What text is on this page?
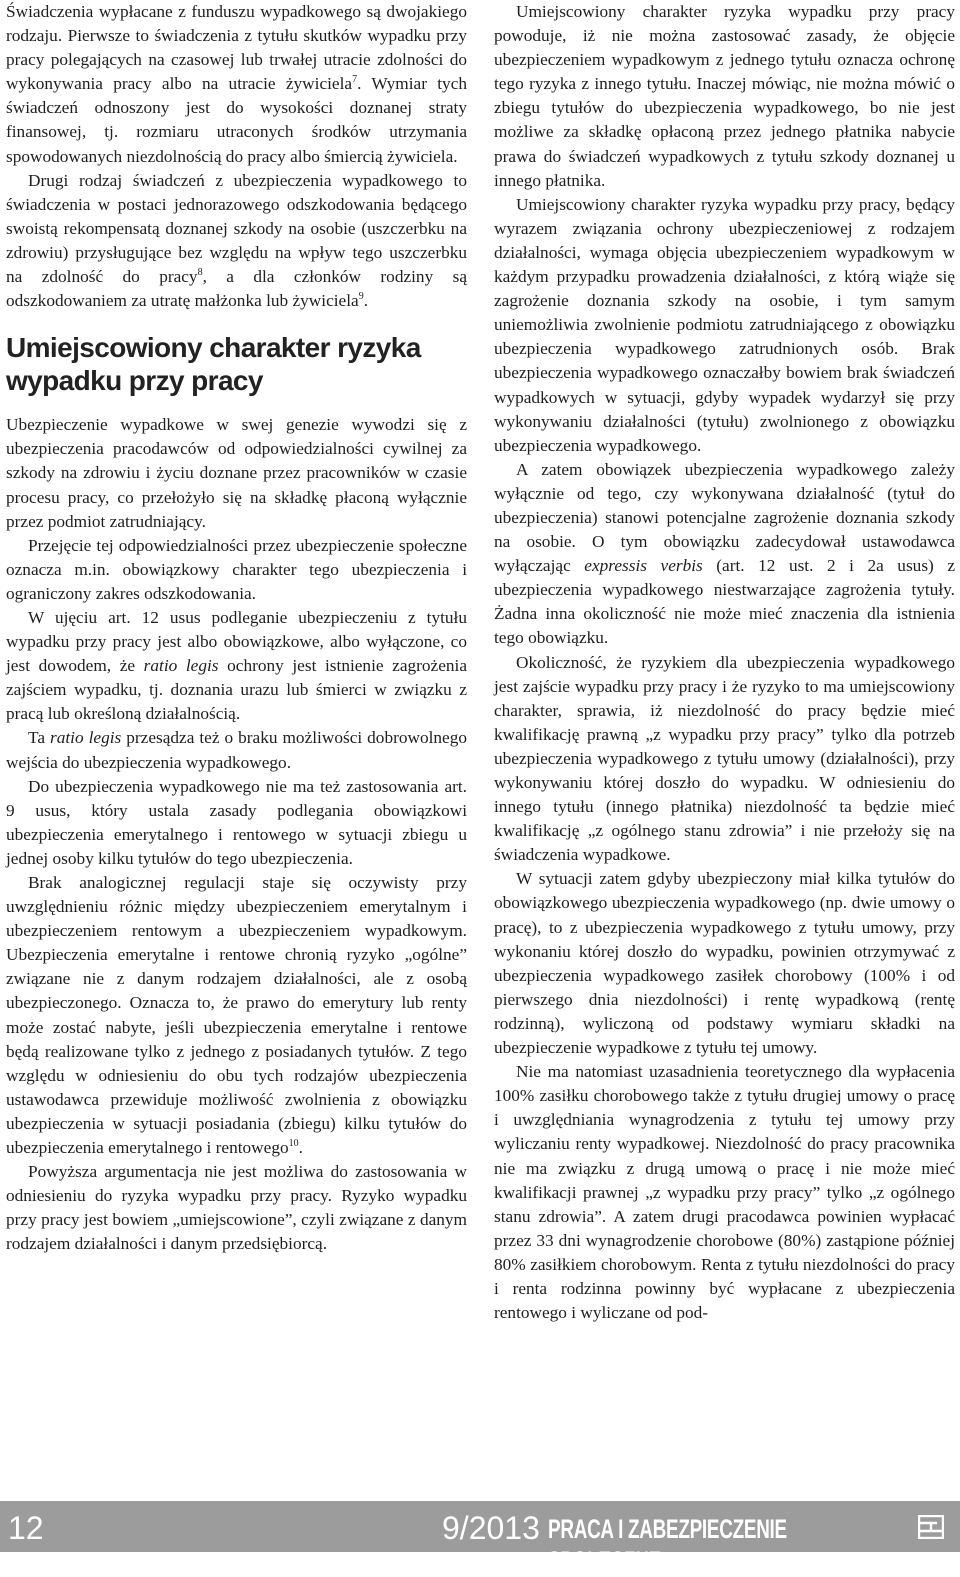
Świadczenia wypłacane z funduszu wypadkowego są dwojakiego rodzaju. Pierwsze to świadczenia z tytułu skutków wypadku przy pracy polegających na czasowej lub trwałej utracie zdolności do wykonywania pracy albo na utracie żywiciela$^7$. Wymiar tych świadczeń odnoszony jest do wysokości doznanej straty finansowej, tj. rozmiaru utraconych środków utrzymania spowodowanych niezdolnością do pracy albo śmiercią żywiciela.

Drugi rodzaj świadczeń z ubezpieczenia wypadkowego to świadczenia w postaci jednorazowego odszkodowania będącego swoistą rekompensatą doznanej szkody na osobie (uszczerbku na zdrowiu) przysługujące bez względu na wpływ tego uszczerbku na zdolność do pracy$^8$, a dla członków rodziny są odszkodowaniem za utratę małżonka lub żywiciela$^9$.

Umiejscowiony charakter ryzyka wypadku przy pracy

Ubezpieczenie wypadkowe w swej genezie wywodzi się z ubezpieczenia pracodawców od odpowiedzialności cywilnej za szkody na zdrowiu i życiu doznane przez pracowników w czasie procesu pracy, co przełożyło się na składkę płaconą wyłącznie przez podmiot zatrudniający.

Przejęcie tej odpowiedzialności przez ubezpieczenie społeczne oznacza m.in. obowiązkowy charakter tego ubezpieczenia i ograniczony zakres odszkodowania.

W ujęciu art. 12 usus podleganie ubezpieczeniu z tytułu wypadku przy pracy jest albo obowiązkowe, albo wyłączone, co jest dowodem, że ratio legis ochrony jest istnienie zagrożenia zajściem wypadku, tj. doznania urazu lub śmierci w związku z pracą lub określoną działalnością.

Ta ratio legis przesądza też o braku możliwości dobrowolnego wejścia do ubezpieczenia wypadkowego.

Do ubezpieczenia wypadkowego nie ma też zastosowania art. 9 usus, który ustala zasady podlegania obowiązkowi ubezpieczenia emerytalnego i rentowego w sytuacji zbiegu u jednej osoby kilku tytułów do tego ubezpieczenia.

Brak analogicznej regulacji staje się oczywisty przy uwzględnieniu różnic między ubezpieczeniem emerytalnym i ubezpieczeniem rentowym a ubezpieczeniem wypadkowym. Ubezpieczenia emerytalne i rentowe chronią ryzyko „ogólne” związane nie z danym rodzajem działalności, ale z osobą ubezpieczonego. Oznacza to, że prawo do emerytury lub renty może zostać nabyte, jeśli ubezpieczenia emerytalne i rentowe będą realizowane tylko z jednego z posiadanych tytułów. Z tego względu w odniesieniu do obu tych rodzajów ubezpieczenia ustawodawca przewiduje możliwość zwolnienia z obowiązku ubezpieczenia w sytuacji posiadania (zbiegu) kilku tytułów do ubezpieczenia emerytalnego i rentowego$^{10}$.

Powyższa argumentacja nie jest możliwa do zastosowania w odniesieniu do ryzyka wypadku przy pracy. Ryzyko wypadku przy pracy jest bowiem „umiejscowione”, czyli związane z danym rodzajem działalności i danym przedsiębiorcą.

Umiejscowiony charakter ryzyka wypadku przy pracy powoduje, iż nie można zastosować zasady, że objęcie ubezpieczeniem wypadkowym z jednego tytułu oznacza ochronę tego ryzyka z innego tytułu. Inaczej mówiąc, nie można mówić o zbiegu tytułów do ubezpieczenia wypadkowego, bo nie jest możliwe za składkę opłaconą przez jednego płatnika nabycie prawa do świadczeń wypadkowych z tytułu szkody doznanej u innego płatnika.

Umiejscowiony charakter ryzyka wypadku przy pracy, będący wyrazem związania ochrony ubezpieczeniowej z rodzajem działalności, wymaga objęcia ubezpieczeniem wypadkowym w każdym przypadku prowadzenia działalności, z którą wiąże się zagrożenie doznania szkody na osobie, i tym samym uniemożliwia zwolnienie podmiotu zatrudniającego z obowiązku ubezpieczenia wypadkowego zatrudnionych osób. Brak ubezpieczenia wypadkowego oznaczałby bowiem brak świadczeń wypadkowych w sytuacji, gdyby wypadek wydarzył się przy wykonywaniu działalności (tytułu) zwolnionego z obowiązku ubezpieczenia wypadkowego.

A zatem obowiązek ubezpieczenia wypadkowego zależy wyłącznie od tego, czy wykonywana działalność (tytuł do ubezpieczenia) stanowi potencjalne zagrożenie doznania szkody na osobie. O tym obowiązku zadecydował ustawodawca wyłączając expressis verbis (art. 12 ust. 2 i 2a usus) z ubezpieczenia wypadkowego niestwarzające zagrożenia tytuły. Żadna inna okoliczność nie może mieć znaczenia dla istnienia tego obowiązku.

Okoliczność, że ryzykiem dla ubezpieczenia wypadkowego jest zajście wypadku przy pracy i że ryzyko to ma umiejscowiony charakter, sprawia, iż niezdolność do pracy będzie mieć kwalifikację prawną „z wypadku przy pracy” tylko dla potrzeb ubezpieczenia wypadkowego z tytułu umowy (działalności), przy wykonywaniu której doszło do wypadku. W odniesieniu do innego tytułu (innego płatnika) niezdolność ta będzie mieć kwalifikację „z ogólnego stanu zdrowia” i nie przełoży się na świadczenia wypadkowe.

W sytuacji zatem gdyby ubezpieczony miał kilka tytułów do obowiązkowego ubezpieczenia wypadkowego (np. dwie umowy o pracę), to z ubezpieczenia wypadkowego z tytułu umowy, przy wykonaniu której doszło do wypadku, powinien otrzymywać z ubezpieczenia wypadkowego zasiłek chorobowy (100% i od pierwszego dnia niezdolności) i rentę wypadkową (rentę rodzinną), wyliczoną od podstawy wymiaru składki na ubezpieczenie wypadkowe z tytułu tej umowy.

Nie ma natomiast uzasadnienia teoretycznego dla wypłacenia 100% zasiłku chorobowego także z tytułu drugiej umowy o pracę i uwzględniania wynagrodzenia z tytułu tej umowy przy wyliczaniu renty wypadkowej. Niezdolność do pracy pracownika nie ma związku z drugą umową o pracę i nie może mieć kwalifikacji prawnej „z wypadku przy pracy” tylko „z ogólnego stanu zdrowia”. A zatem drugi pracodawca powinien wypłacać przez 33 dni wynagrodzenie chorobowe (80%) zastąpione później 80% zasiłkiem chorobowym. Renta z tytułu niezdolności do pracy i renta rodzinna powinny być wypłacane z ubezpieczenia rentowego i wyliczane od pod-

12	9/2013 PRACA I ZABEZPIECZENIE SPOŁECZNE
